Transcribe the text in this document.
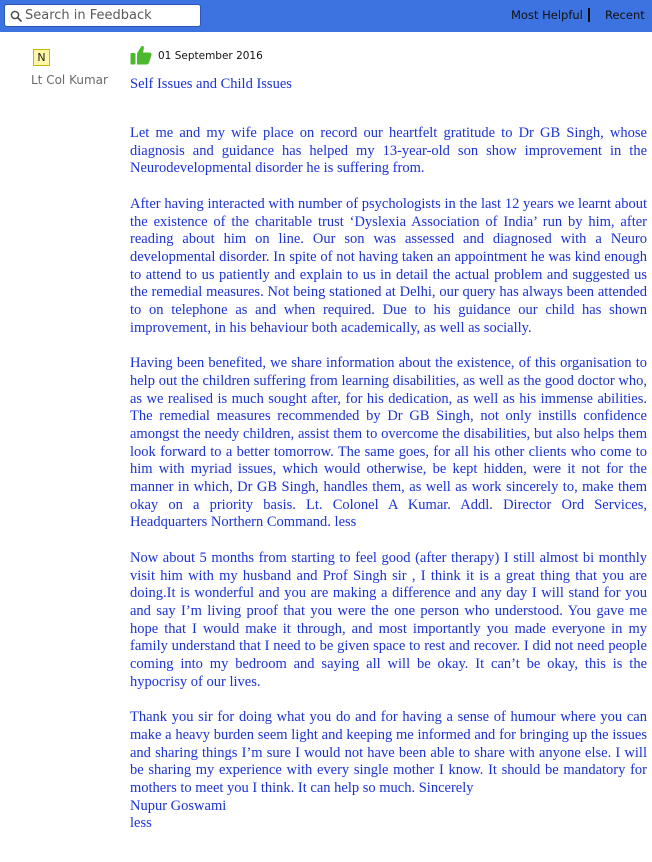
Search in Feedback
Most Helpful Recent
N
Lt Col Kumar
01 September 2016
Self Issues and Child Issues

Let me and my wife place on record our heartfelt gratitude to Dr GB Singh, whose diagnosis and guidance has helped my 13-year-old son show improvement in the Neurodevelopmental disorder he is suffering from.

After having interacted with number of psychologists in the last 12 years we learnt about the existence of the charitable trust ‘Dyslexia Association of India’ run by him, after reading about him on line. Our son was assessed and diagnosed with a Neuro developmental disorder. In spite of not having taken an appointment he was kind enough to attend to us patiently and explain to us in detail the actual problem and suggested us the remedial measures. Not being stationed at Delhi, our query has always been attended to on telephone as and when required. Due to his guidance our child has shown improvement, in his behaviour both academically, as well as socially.

Having been benefited, we share information about the existence, of this organisation to help out the children suffering from learning disabilities, as well as the good doctor who, as we realised is much sought after, for his dedication, as well as his immense abilities. The remedial measures recommended by Dr GB Singh, not only instills confidence amongst the needy children, assist them to overcome the disabilities, but also helps them look forward to a better tomorrow. The same goes, for all his other clients who come to him with myriad issues, which would otherwise, be kept hidden, were it not for the manner in which, Dr GB Singh, handles them, as well as work sincerely to, make them okay on a priority basis. Lt. Colonel A Kumar. Addl. Director Ord Services, Headquarters Northern Command. less

Now about 5 months from starting to feel good (after therapy) I still almost bi monthly visit him with my husband and Prof Singh sir , I think it is a great thing that you are doing.It is wonderful and you are making a difference and any day I will stand for you and say I’m living proof that you were the one person who understood. You gave me hope that I would make it through, and most importantly you made everyone in my family understand that I need to be given space to rest and recover. I did not need people coming into my bedroom and saying all will be okay. It can’t be okay, this is the hypocrisy of our lives.

Thank you sir for doing what you do and for having a sense of humour where you can make a heavy burden seem light and keeping me informed and for bringing up the issues and sharing things I’m sure I would not have been able to share with anyone else. I will be sharing my experience with every single mother I know. It should be mandatory for mothers to meet you I think. It can help so much. Sincerely

Nupur Goswami
less
